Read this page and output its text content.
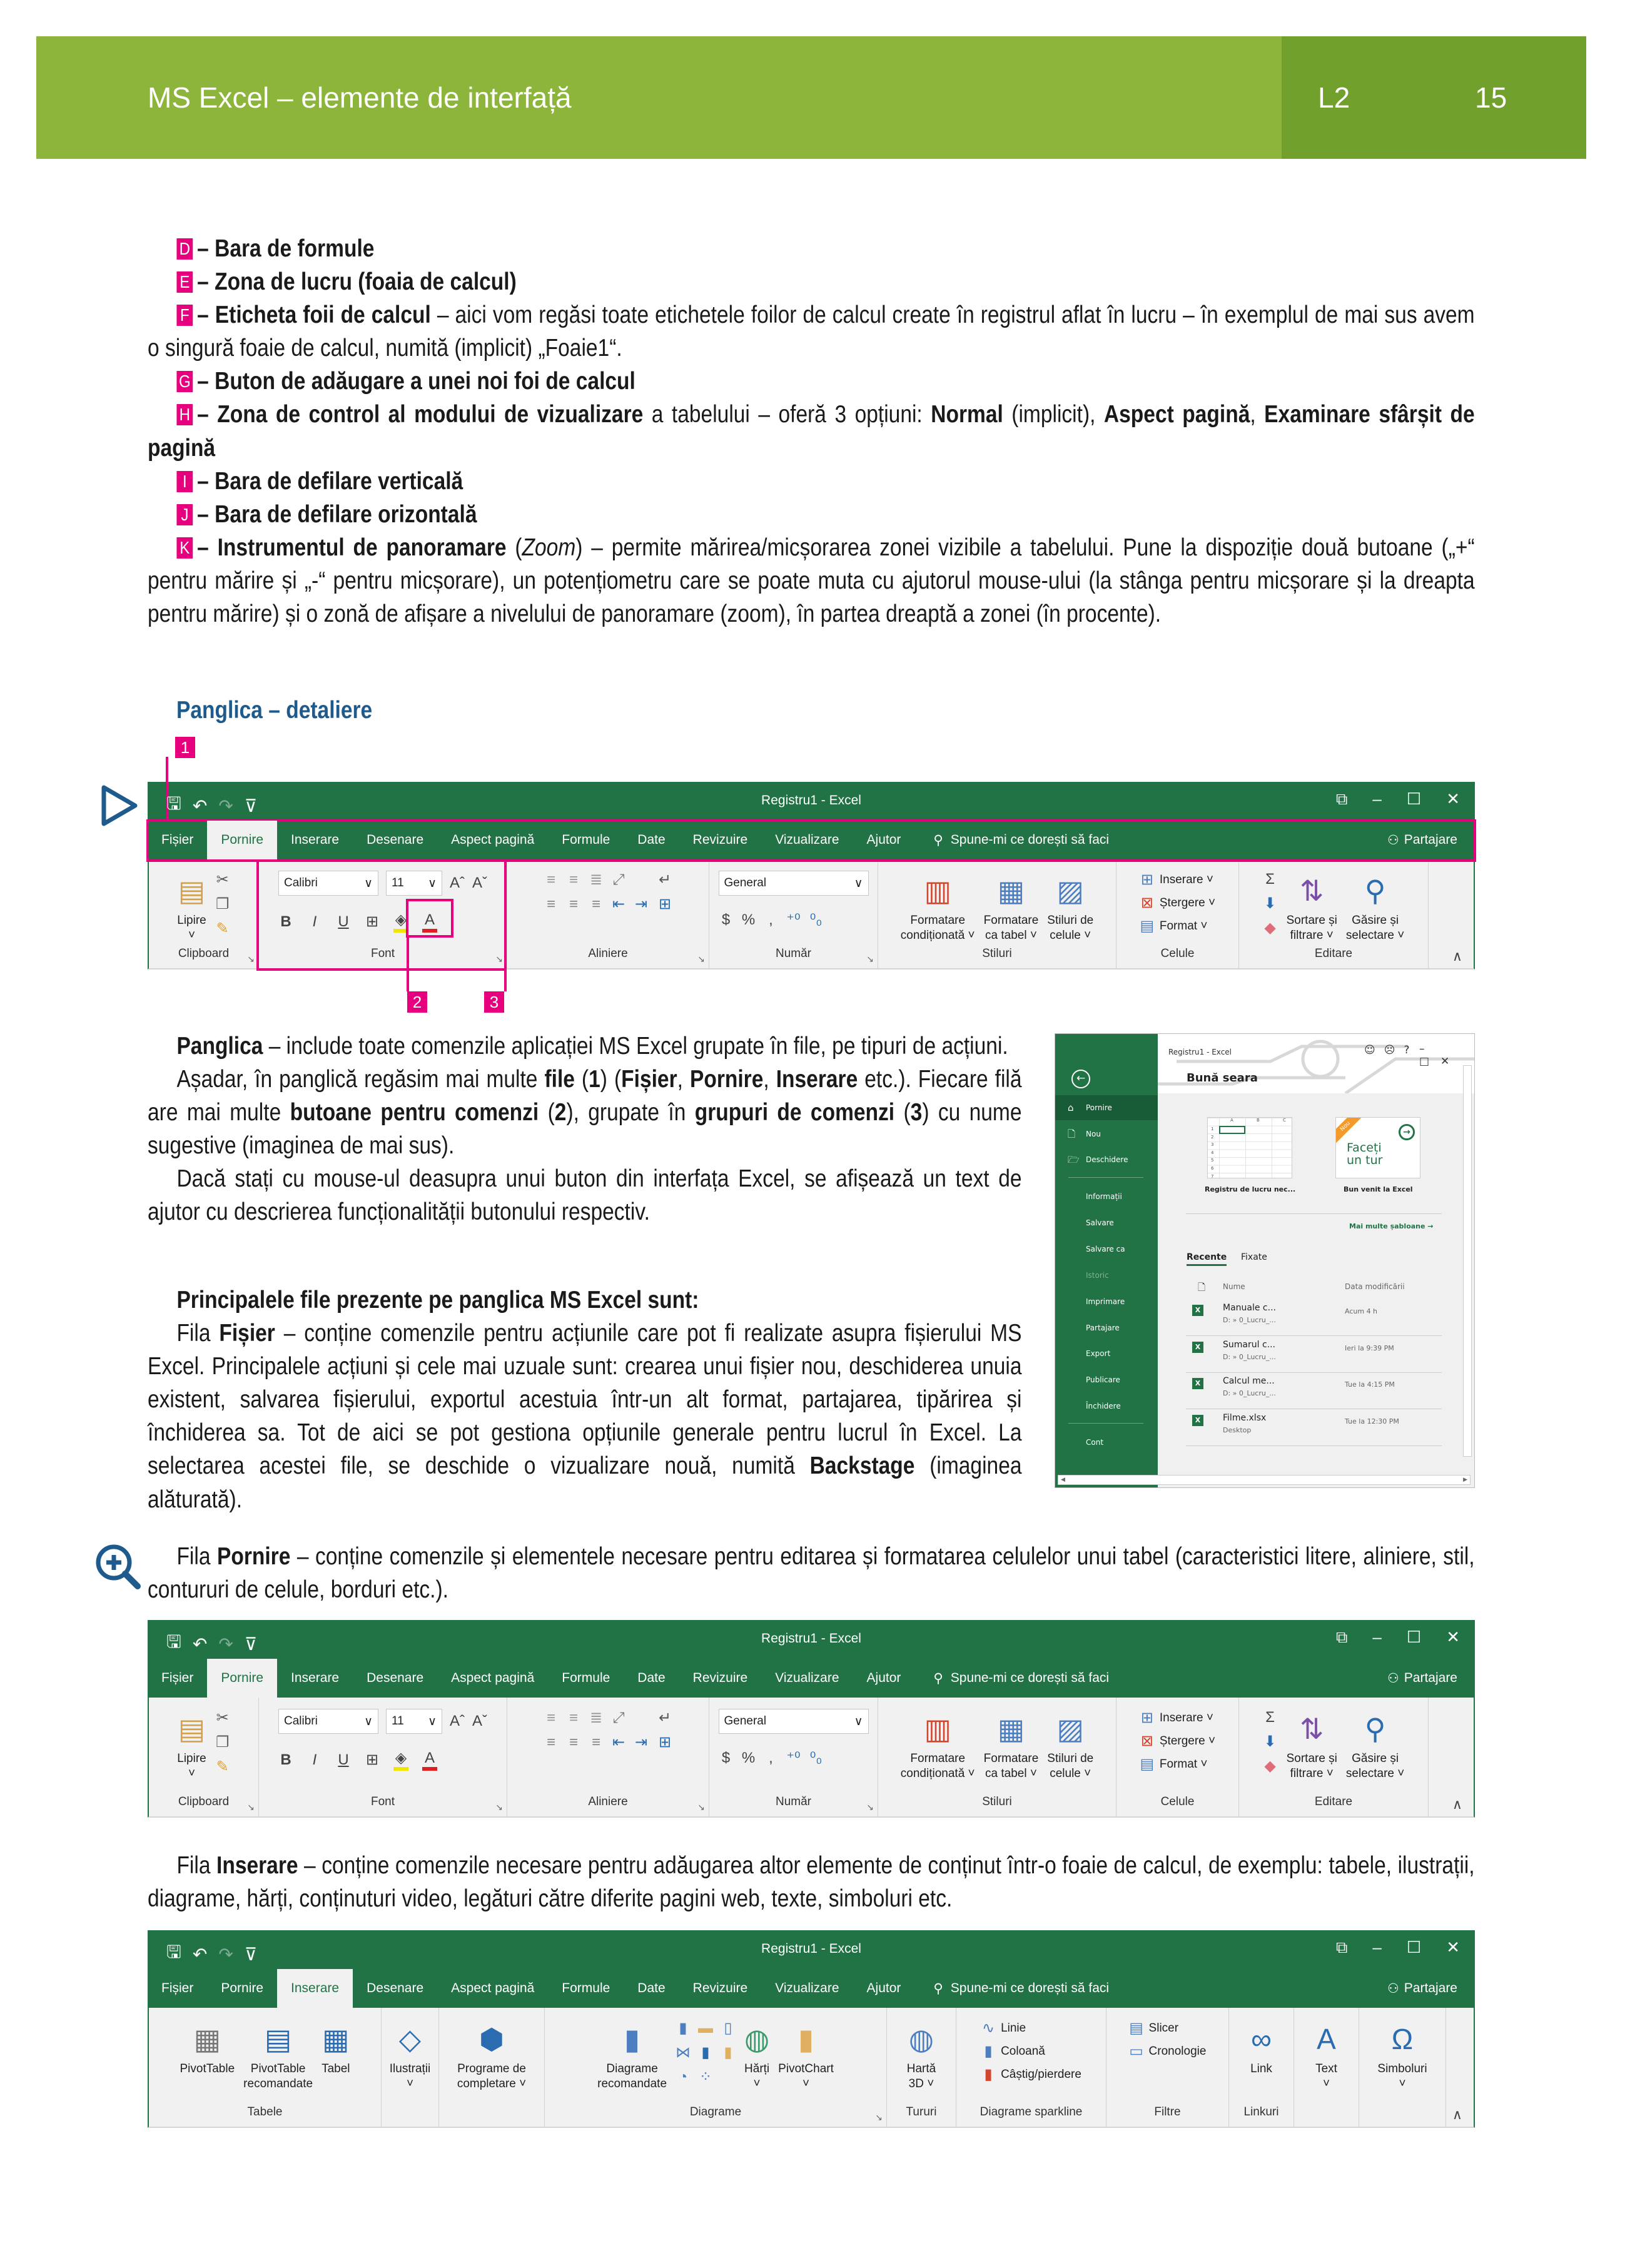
MS Excel – elemente de interfață	L2	15

D – Bara de formule

E – Zona de lucru (foaia de calcul)

F – Eticheta foii de calcul – aici vom regăsi toate etichetele foilor de calcul create în registrul aflat în lucru – în exemplul de mai sus avem o singură foaie de calcul, numită (implicit) „Foaie1“.

G – Buton de adăugare a unei noi foi de calcul

H – Zona de control al modului de vizualizare a tabelului – oferă 3 opțiuni: Normal (implicit), Aspect pagină, Examinare sfârșit de pagină

I – Bara de defilare verticală

J – Bara de defilare orizontală

K – Instrumentul de panoramare (Zoom) – permite mărirea/micșorarea zonei vizibile a tabelului. Pune la dispoziție două butoane („+“ pentru mărire și „-“ pentru micșorare), un potențiometru care se poate muta cu ajutorul mouse-ului (la stânga pentru micșorare și la dreapta pentru mărire) și o zonă de afișare a nivelului de panoramare (zoom), în partea dreaptă a zonei (în procente).

Panglica – detaliere
🖫 ↶ ↷ ⊽	Registru1 - Excel	⧉ – ☐ ✕
Fișier	Pornire	Inserare	Desenare	Aspect pagină	Formule	Date	Revizuire	Vizualizare	Ajutor	⚲ Spune-mi ce dorești să faci	⚇ Partajare
▤
Lipire
˅
✂
❐
✎
Clipboard ↘
Calibri	∨ 11 ∨ Aˆ Aˇ
B	I	U ⊞ ◈ A
Font	↘
≡ ≡ ≣ ⤢
≡ ≡ ≡ ⇤ ⇥
↵
⊞
Aliniere	↘
General	∨
$ % , ⁺⁰ ⁰₀
Număr	↘
▥
Formatare
condiționată ˅
▦
Formatare
ca tabel ˅
▨
Stiluri de
celule ˅
Stiluri
⊞ Inserare ˅
⊠ Ștergere ˅
▤ Format ˅
Celule
Σ
⬇
◆
⇅
Sortare și
filtrare ˅
⚲
Găsire și
selectare ˅
Editare	∧
1
2	3

Panglica – include toate comenzile aplicației MS Excel grupate în file, pe tipuri de acțiuni.

Așadar, în panglică regăsim mai multe file (1) (Fișier, Pornire, Inserare etc.). Fiecare filă are mai multe butoane pentru comenzi (2), grupate în grupuri de comenzi (3) cu nume sugestive (imaginea de mai sus).

Dacă stați cu mouse-ul deasupra unui buton din interfața Excel, se afișează un text de ajutor cu descrierea funcționalității butonului respectiv.

Principalele file prezente pe panglica MS Excel sunt:

Fila Fișier – conține comenzile pentru acțiunile care pot fi realizate asupra fișierului MS Excel. Principalele acțiuni și cele mai uzuale sunt: crearea unui fișier nou, deschiderea unuia existent, salvarea fișierului, exportul acestuia într-un alt format, partajarea, tipărirea și închiderea sa. Tot de aici se pot gestiona opțiunile generale pentru lucrul în Excel. La selectarea acestei file, se deschide o vizualizare nouă, numită Backstage (imaginea alăturată).

Registru1 - Excel	☺☹? –□✕
Bună seara
←
⌂ Pornire
🗋 Nou
🗁 Deschidere
Informații
Salvare
Salvare ca
Istoric
Imprimare
Partajare
Export
Publicare
Închidere
Cont
A	B	C
1
2
3
4
5
6
7
Nou	→
Faceți un tur
Registru de lucru nec...	Bun venit la Excel
Mai multe șabloane →
Recente Fixate
🗋 Nume	Data modificării
X	Manuale c...
D: » 0_Lucru_...
Acum 4 h
X	Sumarul c...
D: » 0_Lucru_...
Ieri la 9:39 PM
X	Calcul me...
D: » 0_Lucru_...
Tue la 4:15 PM
X	Filme.xlsx
Desktop
Tue la 12:30 PM
◀	▶

Fila Pornire – conține comenzile și elementele necesare pentru editarea și formatarea celulelor unui tabel (caracteristici litere, aliniere, stil, contururi de celule, borduri etc.).

🖫 ↶ ↷ ⊽	Registru1 - Excel	⧉ – ☐ ✕
Fișier	Pornire	Inserare	Desenare	Aspect pagină	Formule	Date	Revizuire	Vizualizare	Ajutor	⚲ Spune-mi ce dorești să faci	⚇ Partajare
▤
Lipire
˅
✂
❐
✎
Clipboard ↘
Calibri	∨ 11 ∨ Aˆ Aˇ
B	I	U ⊞ ◈ A
Font	↘
≡ ≡ ≣ ⤢
≡ ≡ ≡ ⇤ ⇥
↵
⊞
Aliniere	↘
General	∨
$ % , ⁺⁰ ⁰₀
Număr	↘
▥
Formatare
condiționată ˅
▦
Formatare
ca tabel ˅
▨
Stiluri de
celule ˅
Stiluri
⊞ Inserare ˅
⊠ Ștergere ˅
▤ Format ˅
Celule
Σ
⬇
◆
⇅
Sortare și
filtrare ˅
⚲
Găsire și
selectare ˅
Editare	∧

Fila Inserare – conține comenzile necesare pentru adăugarea altor elemente de conținut într-o foaie de calcul, de exemplu: tabele, ilustrații, diagrame, hărți, conținuturi video, legături către diferite pagini web, texte, simboluri etc.

🖫 ↶ ↷ ⊽	Registru1 - Excel	⧉ – ☐ ✕
Fișier	Pornire	Inserare	Desenare	Aspect pagină	Formule	Date	Revizuire	Vizualizare	Ajutor	⚲ Spune-mi ce dorești să faci	⚇ Partajare
▦
PivotTable
▤
PivotTable
recomandate
▦
Tabel
Tabele
◇
Ilustrații
˅
⬢
Programe de
completare ˅
▮
Diagrame
recomandate
▮ ▬ ▯
⋈ ▮ ▮
◔ ⁘
◍
Hărți
˅
▮
PivotChart
˅
Diagrame	↘
◍
Hartă
3D ˅
Tururi
∿ Linie
▮ Coloană
▮ Câștig/pierdere
Diagrame sparkline
▤ Slicer
▭ Cronologie
Filtre
∞
Link
Linkuri
A
Text
˅
Ω
Simboluri
˅
∧
